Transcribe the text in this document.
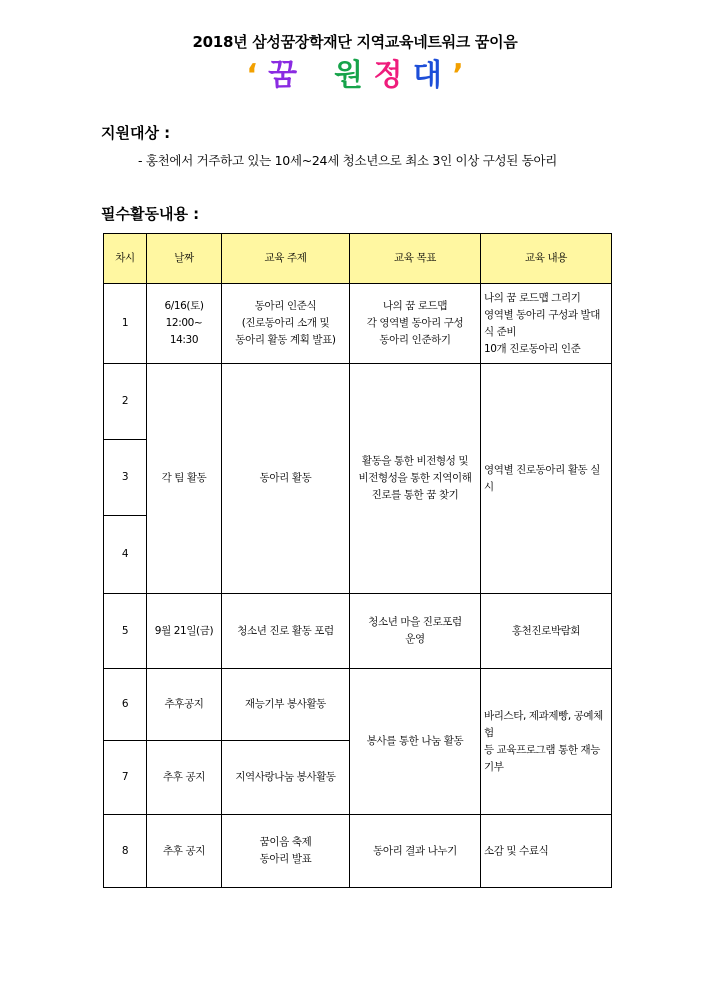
2018년 삼성꿈장학재단 지역교육네트워크 꿈이음
‘ 꿈 원 정 대 ’
지원대상 :
- 홍천에서 거주하고 있는 10세~24세 청소년으로 최소 3인 이상 구성된 동아리
필수활동내용 :
차시	날짜	교육 주제	교육 목표	교육 내용
1	6/16(토)
12:00~
14:30	동아리 인준식
(진로동아리 소개 및
동아리 활동 계획 발표)	나의 꿈 로드맵
각 영역별 동아리 구성
동아리 인준하기	나의 꿈 로드맵 그리기
영역별 동아리 구성과 발대식 준비
10개 진로동아리 인준

2	각 팀 활동	동아리 활동	활동을 통한 비전형성 및
비전형성을 통한 지역이해
진로를 통한 꿈 찾기	영역별 진로동아리 활동 실시

3				
4				
5	9월 21일(금)	청소년 진로 활동 포럼	청소년 마을 진로포럼
운영	홍천진로박람회

6	추후공지	재능기부 봉사활동	봉사를 통한 나눔 활동	바리스타, 제과제빵, 공예체험
등 교육프로그램 통한 재능기부

7	추후 공지	지역사랑나눔 봉사활동		

8	추후 공지	꿈이음 축제
동아리 발표	동아리 결과 나누기	소감 및 수료식
